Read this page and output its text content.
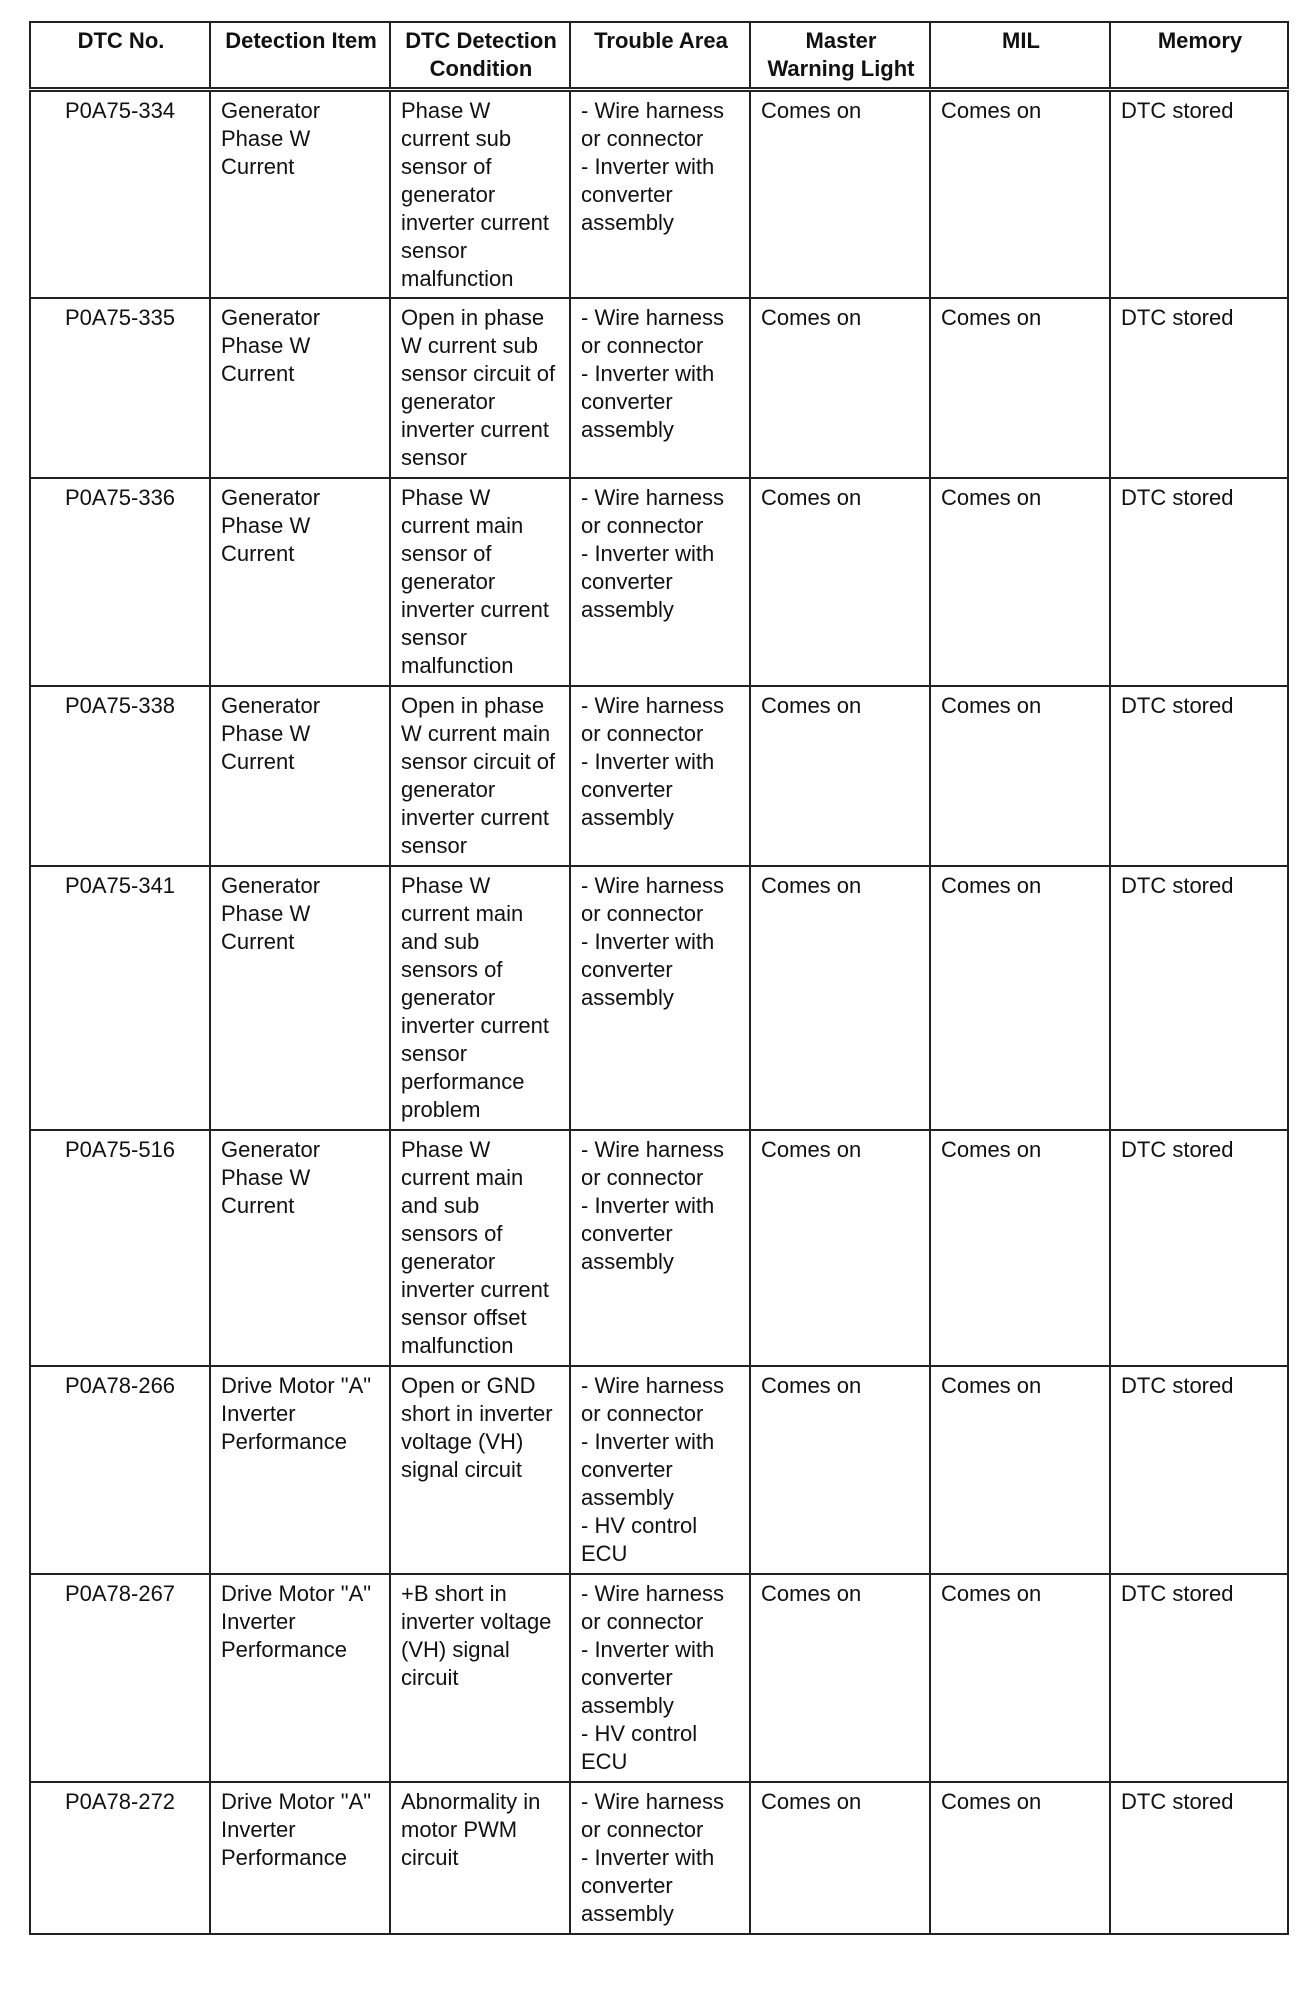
DTC No.	Detection Item	DTC Detection Condition	Trouble Area	Master Warning Light	MIL	Memory
P0A75-334	Generator Phase W Current	Phase W current sub sensor of generator inverter current sensor malfunction	- Wire harness or connector
- Inverter with converter assembly	Comes on	Comes on	DTC stored
P0A75-335	Generator Phase W Current	Open in phase W current sub sensor circuit of generator inverter current sensor	- Wire harness or connector
- Inverter with converter assembly	Comes on	Comes on	DTC stored
P0A75-336	Generator Phase W Current	Phase W current main sensor of generator inverter current sensor malfunction	- Wire harness or connector
- Inverter with converter assembly	Comes on	Comes on	DTC stored
P0A75-338	Generator Phase W Current	Open in phase W current main sensor circuit of generator inverter current sensor	- Wire harness or connector
- Inverter with converter assembly	Comes on	Comes on	DTC stored
P0A75-341	Generator Phase W Current	Phase W current main and sub sensors of generator inverter current sensor performance problem	- Wire harness or connector
- Inverter with converter assembly	Comes on	Comes on	DTC stored
P0A75-516	Generator Phase W Current	Phase W current main and sub sensors of generator inverter current sensor offset malfunction	- Wire harness or connector
- Inverter with converter assembly	Comes on	Comes on	DTC stored
P0A78-266	Drive Motor "A" Inverter Performance	Open or GND short in inverter voltage (VH) signal circuit	- Wire harness or connector
- Inverter with converter assembly
- HV control ECU	Comes on	Comes on	DTC stored
P0A78-267	Drive Motor "A" Inverter Performance	+B short in inverter voltage (VH) signal circuit	- Wire harness or connector
- Inverter with converter assembly
- HV control ECU	Comes on	Comes on	DTC stored
P0A78-272	Drive Motor "A" Inverter Performance	Abnormality in motor PWM circuit	- Wire harness or connector
- Inverter with converter assembly	Comes on	Comes on	DTC stored
